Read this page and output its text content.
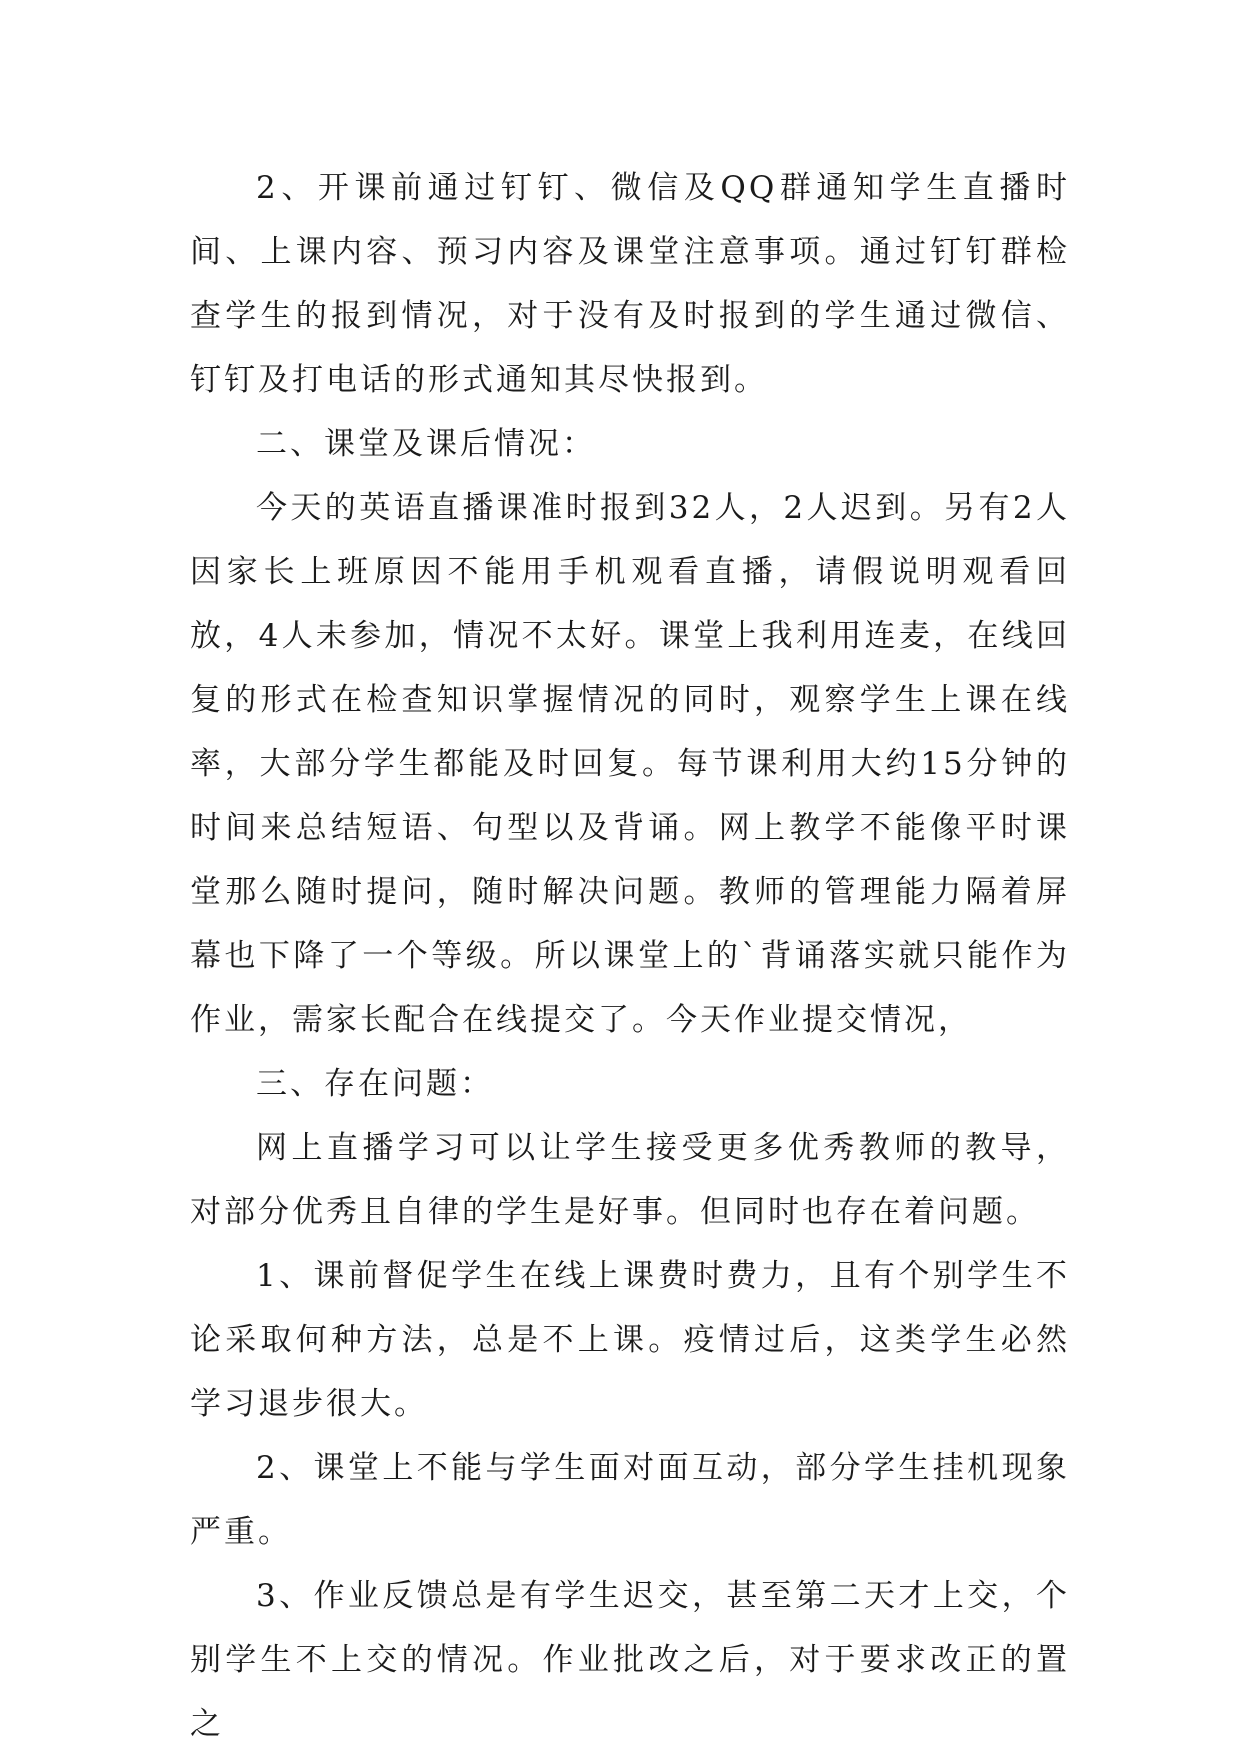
2、开课前通过钉钉、微信及QQ群通知学生直播时间、上课内容、预习内容及课堂注意事项。通过钉钉群检查学生的报到情况，对于没有及时报到的学生通过微信、钉钉及打电话的形式通知其尽快报到。

二、课堂及课后情况：

今天的英语直播课准时报到32人，2人迟到。另有2人因家长上班原因不能用手机观看直播，请假说明观看回放，4人未参加，情况不太好。课堂上我利用连麦，在线回复的形式在检查知识掌握情况的同时，观察学生上课在线率，大部分学生都能及时回复。每节课利用大约15分钟的时间来总结短语、句型以及背诵。网上教学不能像平时课堂那么随时提问，随时解决问题。教师的管理能力隔着屏幕也下降了一个等级。所以课堂上的`背诵落实就只能作为作业，需家长配合在线提交了。今天作业提交情况，

三、存在问题：

网上直播学习可以让学生接受更多优秀教师的教导，对部分优秀且自律的学生是好事。但同时也存在着问题。

1、课前督促学生在线上课费时费力，且有个别学生不论采取何种方法，总是不上课。疫情过后，这类学生必然学习退步很大。

2、课堂上不能与学生面对面互动，部分学生挂机现象严重。

3、作业反馈总是有学生迟交，甚至第二天才上交，个别学生不上交的情况。作业批改之后，对于要求改正的置之
